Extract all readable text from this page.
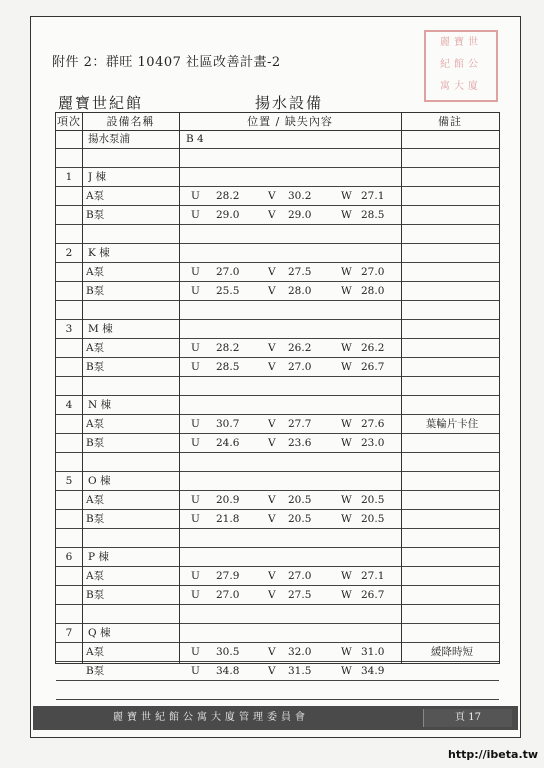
附件 2：群旺 10407 社區改善計畫-2
麗寶世
紀館公
寓大廈
麗寶世紀館	揚水設備
項次	設備名稱	位置 / 缺失內容	備註
揚水泵浦	B 4
1	J 棟
A泵	U 28.2	V	30.2	W 27.1
B泵	U 29.0	V	29.0	W 28.5
2	K 棟
A泵	U 27.0	V	27.5	W 27.0
B泵	U 25.5	V	28.0	W 28.0
3	M 棟
A泵	U 28.2	V	26.2	W 26.2
B泵	U 28.5	V	27.0	W 26.7
4	N 棟
A泵	U 30.7	V	27.7	W 27.6	葉輪片卡住
B泵	U 24.6	V	23.6	W 23.0
5	O 棟
A泵	U 20.9	V	20.5	W 20.5
B泵	U 21.8	V	20.5	W 20.5
6	P 棟
A泵	U 27.9	V	27.0	W 27.1
B泵	U 27.0	V	27.5	W 26.7
7	Q 棟
A泵	U 30.5	V	32.0	W 31.0	緩降時短
B泵	U 34.8	V	31.5	W 34.9
麗寶世紀館公寓大廈管理委員會	頁 17
http://ibeta.tw
